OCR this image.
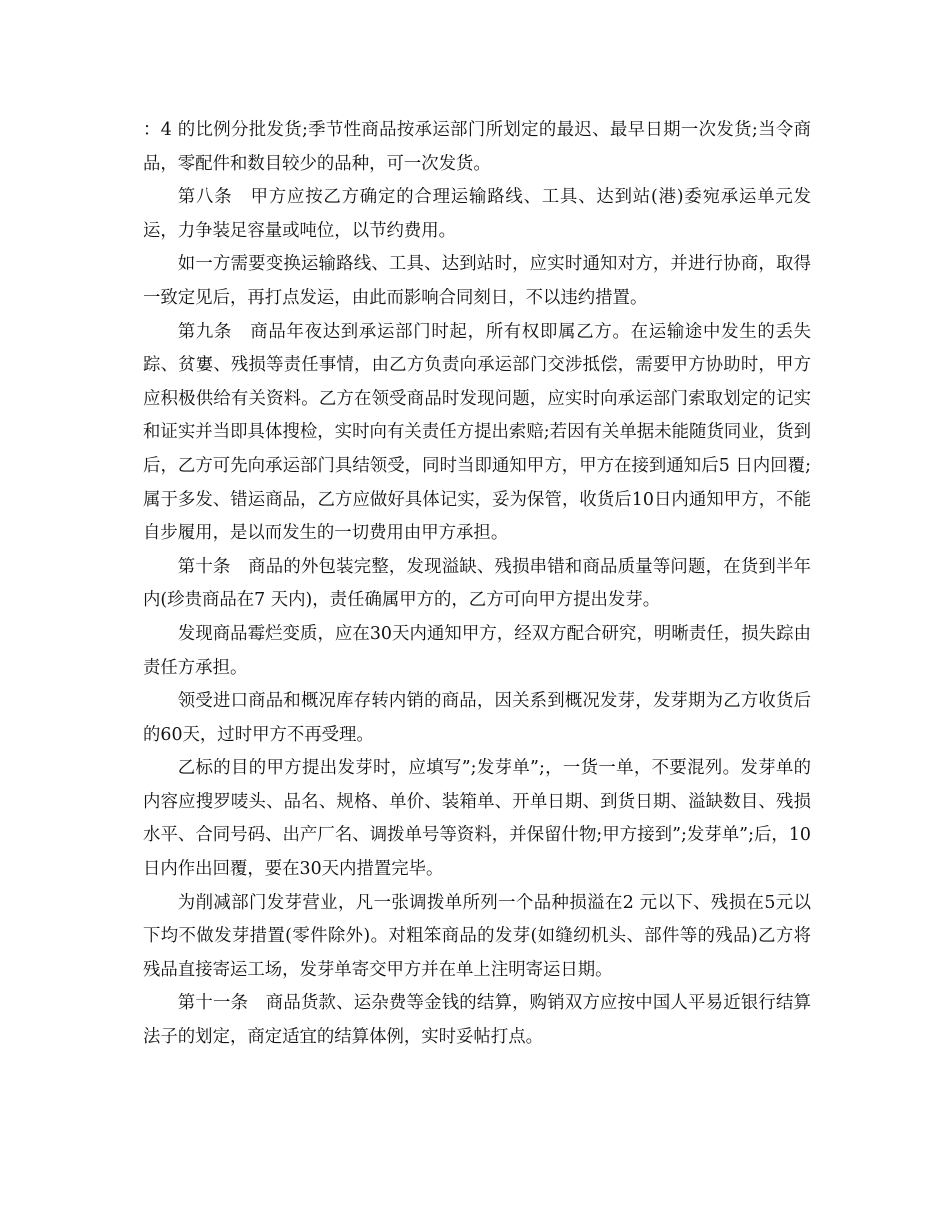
：4 的比例分批发货;季节性商品按承运部门所划定的最迟、最早日期一次发货;当令商品，零配件和数目较少的品种，可一次发货。

第八条　甲方应按乙方确定的合理运输路线、工具、达到站(港)委宛承运单元发运，力争装足容量或吨位，以节约费用。

如一方需要变换运输路线、工具、达到站时，应实时通知对方，并进行协商，取得一致定见后，再打点发运，由此而影响合同刻日，不以违约措置。

第九条　商品年夜达到承运部门时起，所有权即属乙方。在运输途中发生的丢失踪、贫寠、残损等责任事情，由乙方负责向承运部门交涉抵偿，需要甲方协助时，甲方应积极供给有关资料。乙方在领受商品时发现问题，应实时向承运部门索取划定的记实和证实并当即具体搜检，实时向有关责任方提出索赔;若因有关单据未能随货同业，货到后，乙方可先向承运部门具结领受，同时当即通知甲方，甲方在接到通知后5 日内回覆;属于多发、错运商品，乙方应做好具体记实，妥为保管，收货后10日内通知甲方，不能自步履用，是以而发生的一切费用由甲方承担。

第十条　商品的外包装完整，发现溢缺、残损串错和商品质量等问题，在货到半年内(珍贵商品在7 天内)，责任确属甲方的，乙方可向甲方提出发芽。

发现商品霉烂变质，应在30天内通知甲方，经双方配合研究，明晰责任，损失踪由责任方承担。

领受进口商品和概况库存转内销的商品，因关系到概况发芽，发芽期为乙方收货后的60天，过时甲方不再受理。

乙标的目的甲方提出发芽时，应填写”;发芽单”;，一货一单，不要混列。发芽单的内容应搜罗唛头、品名、规格、单价、装箱单、开单日期、到货日期、溢缺数目、残损水平、合同号码、出产厂名、调拨单号等资料，并保留什物;甲方接到”;发芽单”;后，10日内作出回覆，要在30天内措置完毕。

为削减部门发芽营业，凡一张调拨单所列一个品种损溢在2 元以下、残损在5元以下均不做发芽措置(零件除外)。对粗笨商品的发芽(如缝纫机头、部件等的残品)乙方将残品直接寄运工场，发芽单寄交甲方并在单上注明寄运日期。

第十一条　商品货款、运杂费等金钱的结算，购销双方应按中国人平易近银行结算法子的划定，商定适宜的结算体例，实时妥帖打点。
